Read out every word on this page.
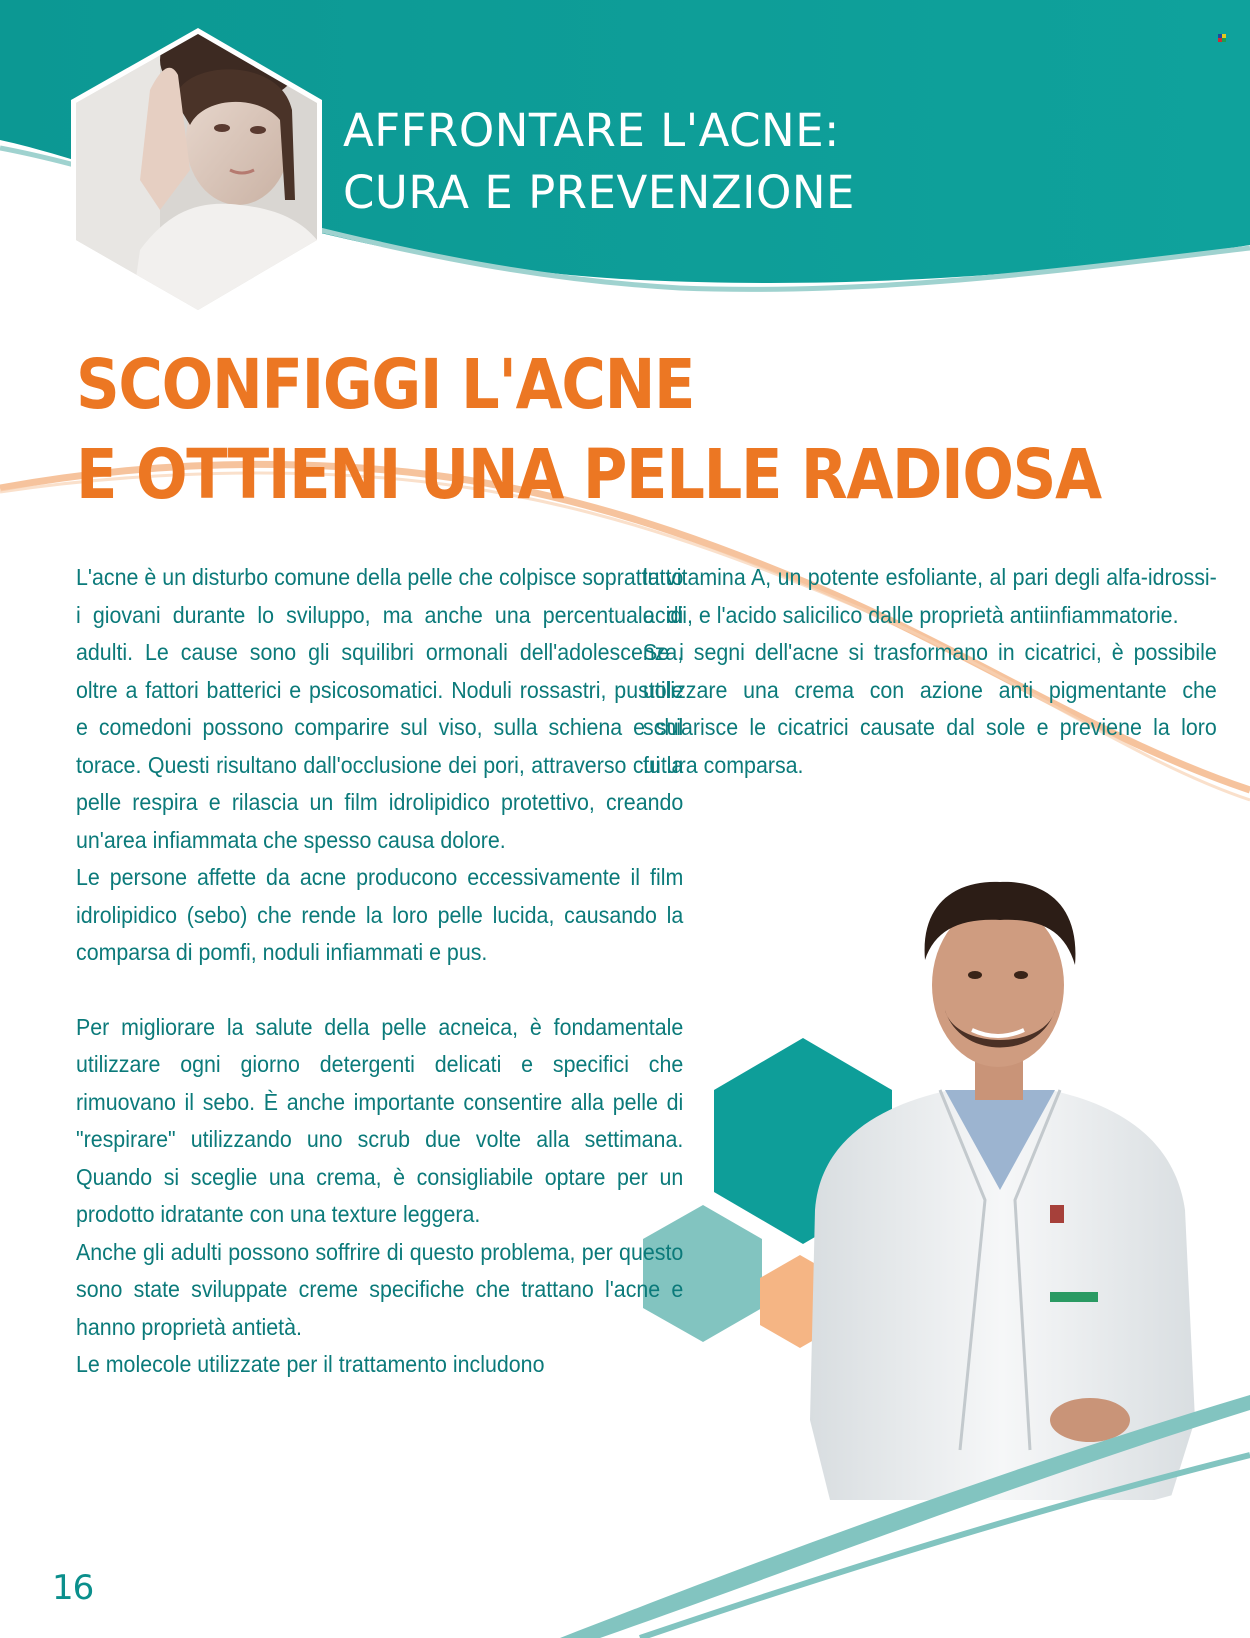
AFFRONTARE L'ACNE:
CURA E PREVENZIONE
SCONFIGGI L'ACNE
E OTTIENI UNA PELLE RADIOSA

L'acne è un disturbo comune della pelle che colpisce soprattutto i giovani durante lo sviluppo, ma anche una percentuale di adulti. Le cause sono gli squilibri ormonali dell'adolescenza, oltre a fattori batterici e psicosomatici. Noduli rossastri, pustole e comedoni possono comparire sul viso, sulla schiena e sul torace. Questi risultano dall'occlusione dei pori, attraverso cui la pelle respira e rilascia un film idrolipidico protettivo, creando un'area infiammata che spesso causa dolore.

Le persone affette da acne producono eccessivamente il film idrolipidico (sebo) che rende la loro pelle lucida, causando la comparsa di pomfi, noduli infiammati e pus.

Per migliorare la salute della pelle acneica, è fondamentale utilizzare ogni giorno detergenti delicati e specifici che rimuovano il sebo. È anche importante consentire alla pelle di "respirare" utilizzando uno scrub due volte alla settimana. Quando si sceglie una crema, è consigliabile optare per un prodotto idratante con una texture leggera.

Anche gli adulti possono soffrire di questo problema, per questo sono state sviluppate creme specifiche che trattano l'acne e hanno proprietà antietà.

Le molecole utilizzate per il trattamento includono

la vitamina A, un potente esfoliante, al pari degli alfa-idrossi-acidi, e l'acido salicilico dalle proprietà antiinfiammatorie.

Se i segni dell'acne si trasformano in cicatrici, è possibile utilizzare una crema con azione anti pigmentante che schiarisce le cicatrici causate dal sole e previene la loro futura comparsa.

16
